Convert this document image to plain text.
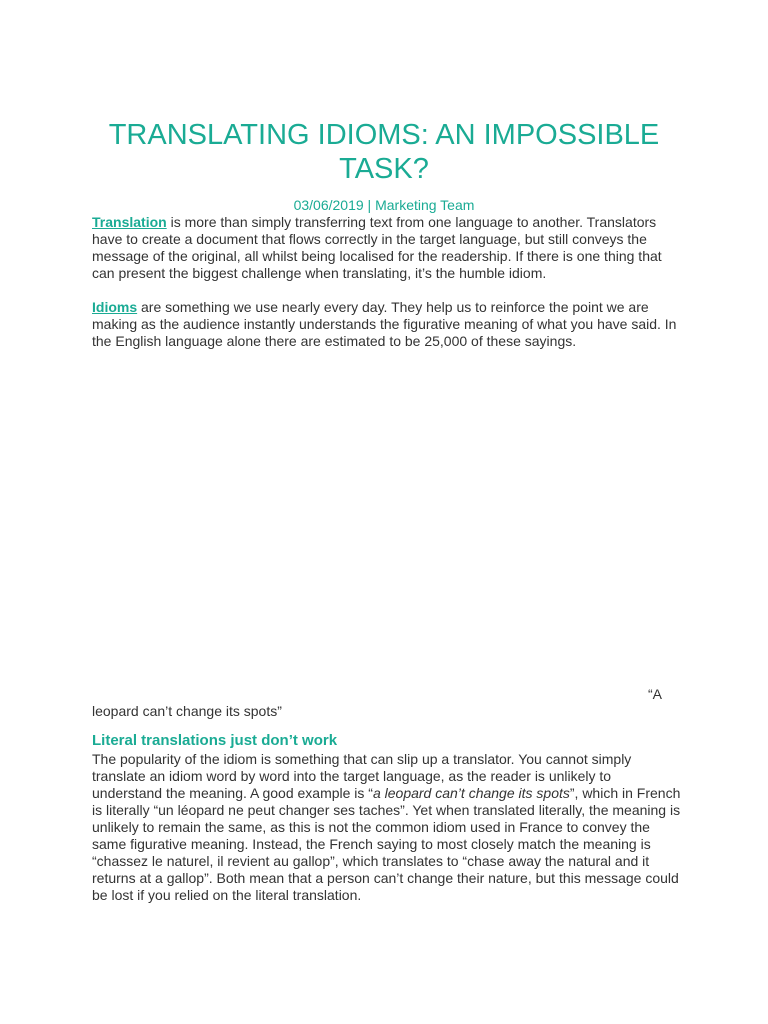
TRANSLATING IDIOMS: AN IMPOSSIBLE TASK?
03/06/2019 | Marketing Team

Translation is more than simply transferring text from one language to another. Translators have to create a document that flows correctly in the target language, but still conveys the message of the original, all whilst being localised for the readership. If there is one thing that can present the biggest challenge when translating, it’s the humble idiom.

Idioms are something we use nearly every day. They help us to reinforce the point we are making as the audience instantly understands the figurative meaning of what you have said. In the English language alone there are estimated to be 25,000 of these sayings.

“A
leopard can’t change its spots”
Literal translations just don’t work

The popularity of the idiom is something that can slip up a translator. You cannot simply translate an idiom word by word into the target language, as the reader is unlikely to understand the meaning. A good example is “a leopard can’t change its spots”, which in French is literally “un léopard ne peut changer ses taches”. Yet when translated literally, the meaning is unlikely to remain the same, as this is not the common idiom used in France to convey the same figurative meaning. Instead, the French saying to most closely match the meaning is “chassez le naturel, il revient au gallop”, which translates to “chase away the natural and it returns at a gallop”. Both mean that a person can’t change their nature, but this message could be lost if you relied on the literal translation.
